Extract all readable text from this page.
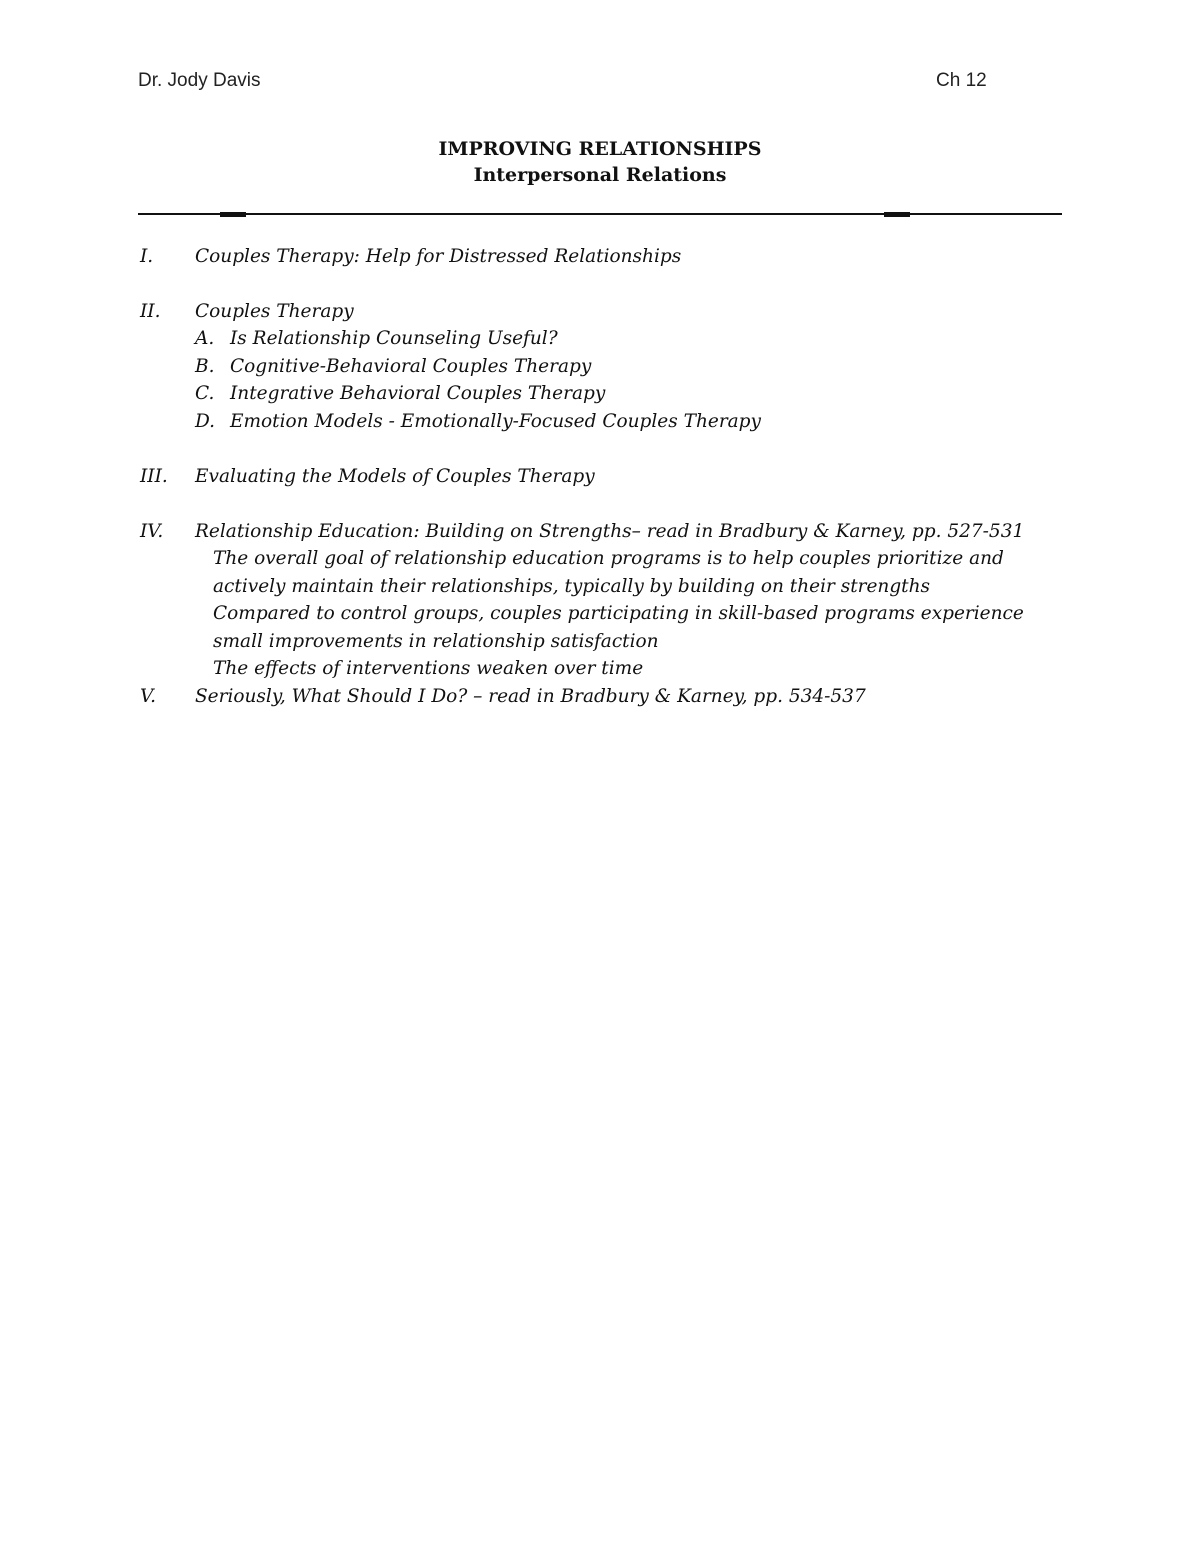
Dr. Jody Davis	Ch 12
IMPROVING RELATIONSHIPS
Interpersonal Relations
I. Couples Therapy: Help for Distressed Relationships
II. Couples Therapy
A. Is Relationship Counseling Useful?
B. Cognitive-Behavioral Couples Therapy
C. Integrative Behavioral Couples Therapy
D. Emotion Models - Emotionally-Focused Couples Therapy
III. Evaluating the Models of Couples Therapy
IV. Relationship Education: Building on Strengths– read in Bradbury & Karney, pp. 527-531
The overall goal of relationship education programs is to help couples prioritize and
actively maintain their relationships, typically by building on their strengths
Compared to control groups, couples participating in skill-based programs experience
small improvements in relationship satisfaction
The effects of interventions weaken over time
V. Seriously, What Should I Do? – read in Bradbury & Karney, pp. 534-537
